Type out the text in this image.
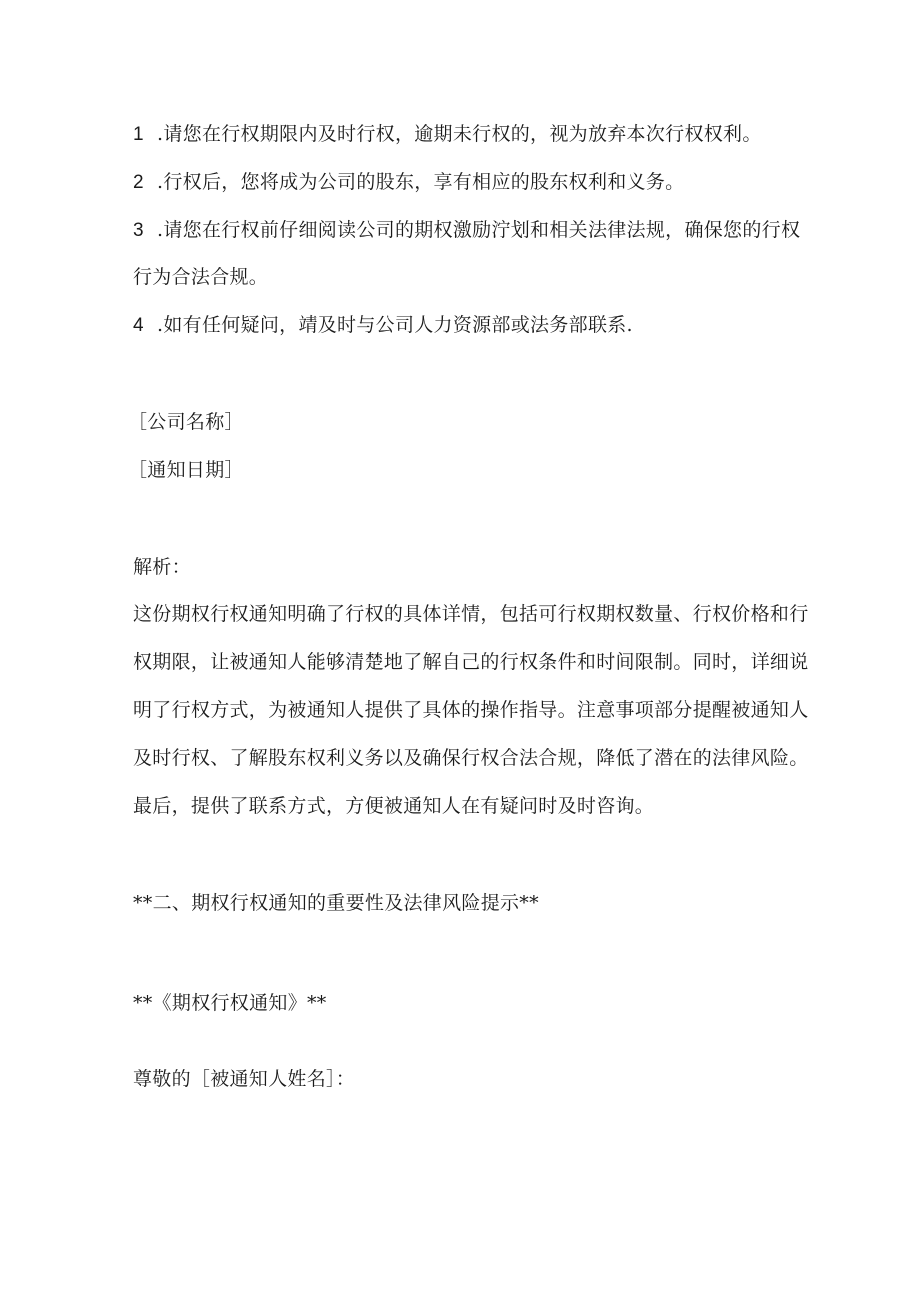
1 .请您在行权期限内及时行权，逾期未行权的，视为放弃本次行权权利。
2 .行权后，您将成为公司的股东，享有相应的股东权利和义务。
3 .请您在行权前仔细阅读公司的期权激励泞划和相关法律法规，确保您的行权
行为合法合规。
4 .如有任何疑问，靖及时与公司人力资源部或法务部联系.
［公司名称］
［通知日期］
解析：
这份期权行权通知明确了行权的具体详情，包括可行权期权数量、行权价格和行
权期限，让被通知人能够清楚地了解自己的行权条件和时间限制。同时，详细说
明了行权方式，为被通知人提供了具体的操作指导。注意事项部分提醒被通知人
及时行权、了解股东权利义务以及确保行权合法合规，降低了潜在的法律风险。
最后，提供了联系方式，方便被通知人在有疑问时及时咨询。
**二、期权行权通知的重要性及法律风险提示**
**《期权行权通知》**
尊敬的［被通知人姓名］：
